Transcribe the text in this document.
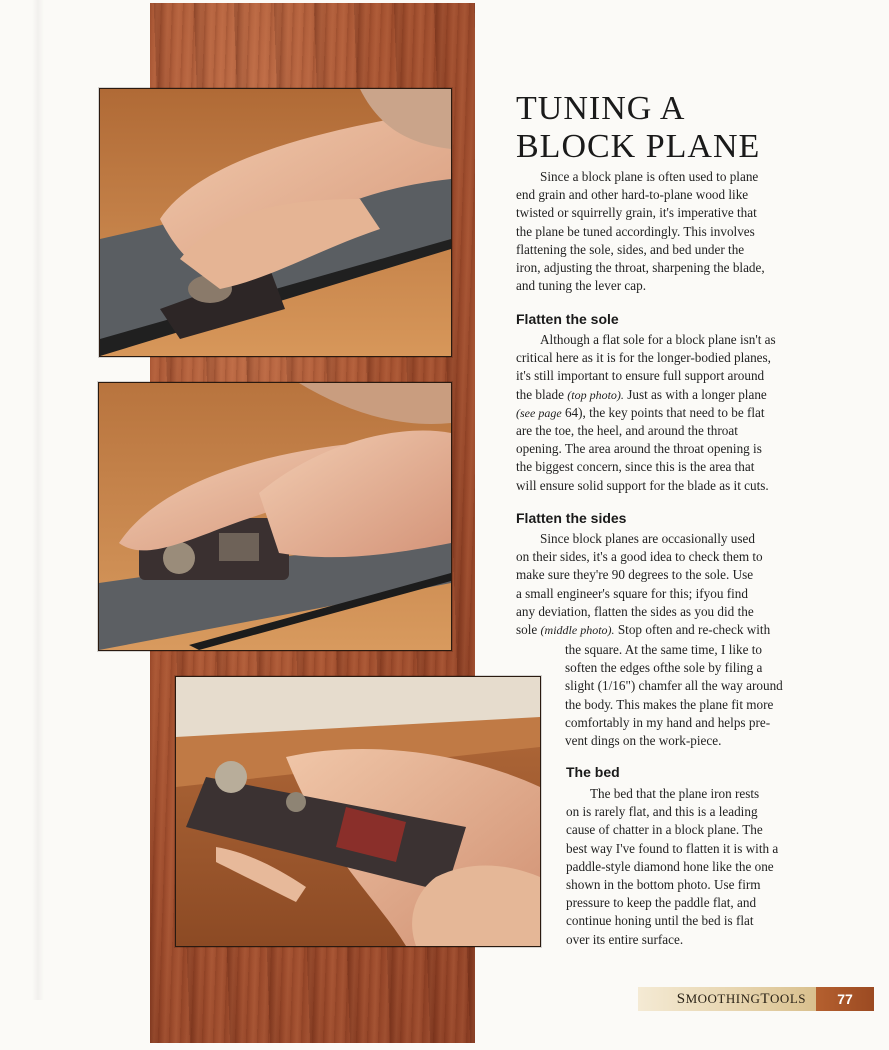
TUNING A
BLOCK PLANE
Since a block plane is often used to plane
end grain and other hard-to-plane wood like
twisted or squirrelly grain, it's imperative that
the plane be tuned accordingly. This involves
flattening the sole, sides, and bed under the
iron, adjusting the throat, sharpening the blade,
and tuning the lever cap.
Flatten the sole
Although a flat sole for a block plane isn't as
critical here as it is for the longer-bodied planes,
it's still important to ensure full support around
the blade (top photo). Just as with a longer plane
(see page 64), the key points that need to be flat
are the toe, the heel, and around the throat
opening. The area around the throat opening is
the biggest concern, since this is the area that
will ensure solid support for the blade as it cuts.
Flatten the sides
Since block planes are occasionally used
on their sides, it's a good idea to check them to
make sure they're 90 degrees to the sole. Use
a small engineer's square for this; ifyou find
any deviation, flatten the sides as you did the
sole (middle photo). Stop often and re-check with
the square. At the same time, I like to
soften the edges ofthe sole by filing a
slight (1/16") chamfer all the way around
the body. This makes the plane fit more
comfortably in my hand and helps pre-
vent dings on the work-piece.
The bed
The bed that the plane iron rests
on is rarely flat, and this is a leading
cause of chatter in a block plane. The
best way I've found to flatten it is with a
paddle-style diamond hone like the one
shown in the bottom photo. Use firm
pressure to keep the paddle flat, and
continue honing until the bed is flat
over its entire surface.
S MOOTHING T OOLS	77
